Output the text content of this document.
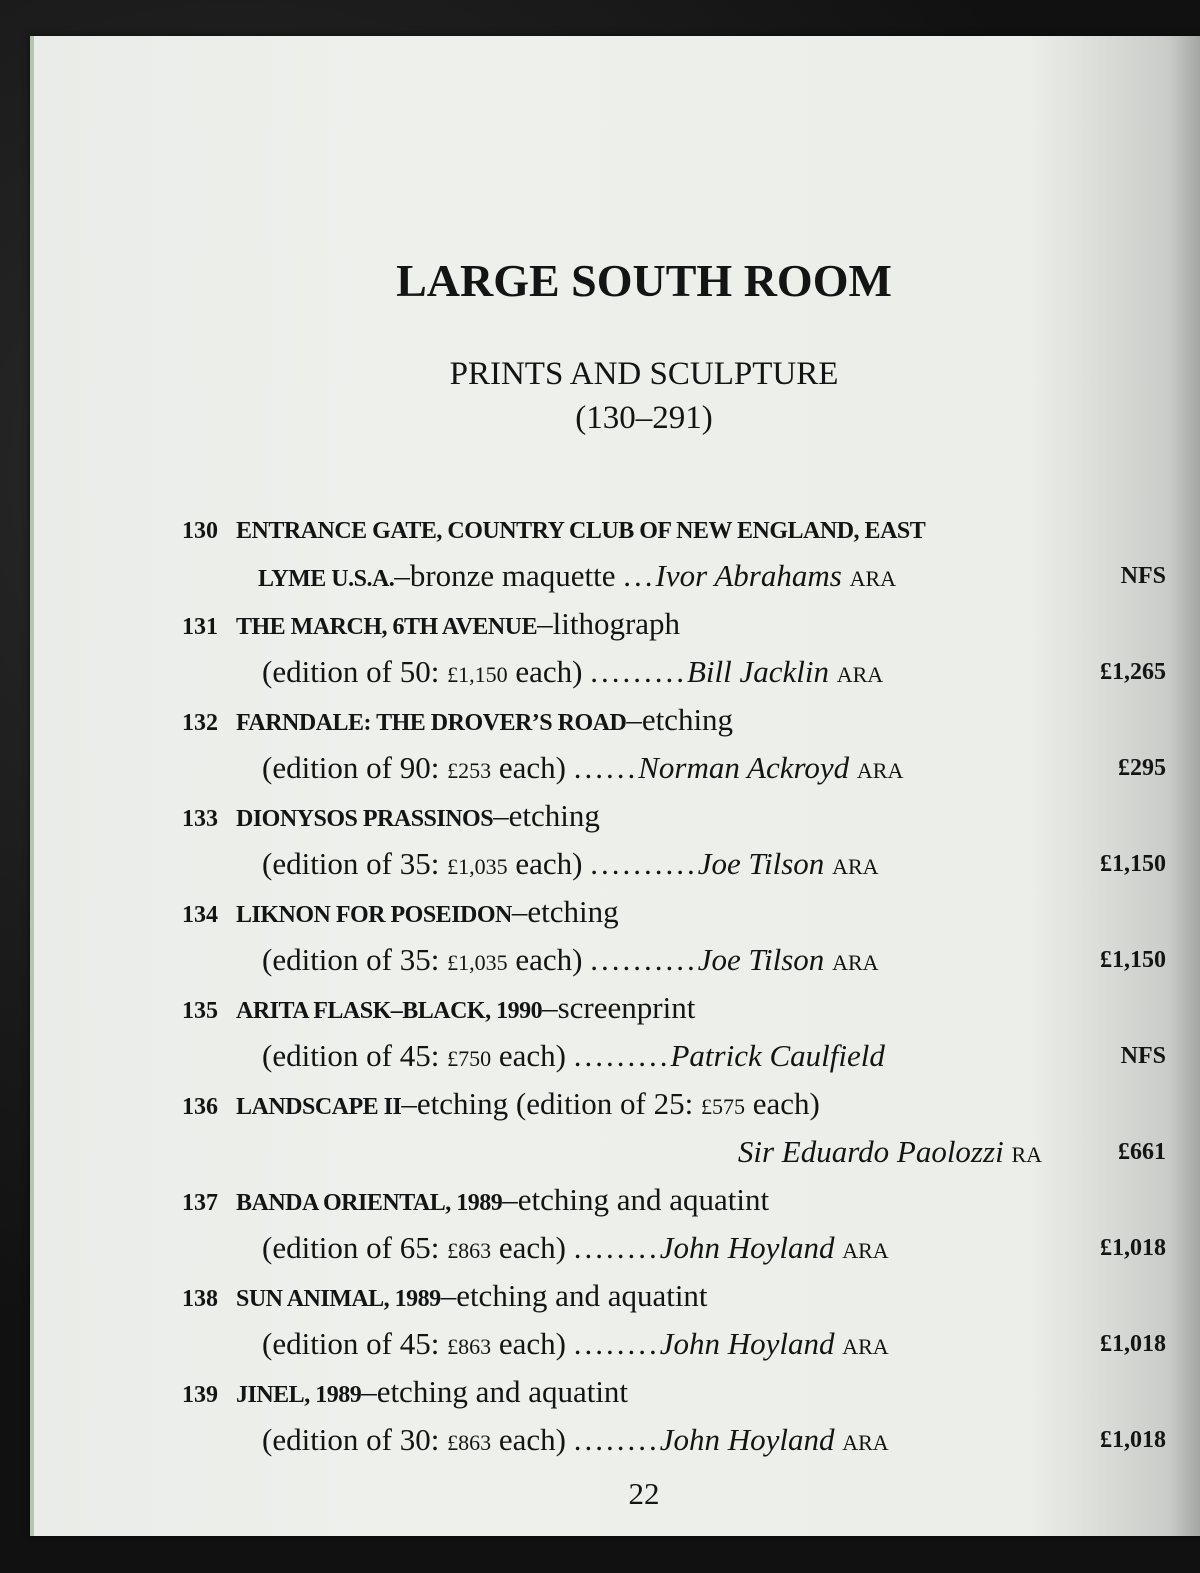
LARGE SOUTH ROOM
PRINTS AND SCULPTURE
(130–291)
130 ENTRANCE GATE, COUNTRY CLUB OF NEW ENGLAND, EAST
LYME U.S.A.–bronze maquette ...Ivor Abrahams ARA	NFS
131 THE MARCH, 6TH AVENUE–lithograph
(edition of 50: £1,150 each) .........Bill Jacklin ARA	£1,265
132 FARNDALE: THE DROVER’S ROAD–etching
(edition of 90: £253 each) ......Norman Ackroyd ARA	£295
133 DIONYSOS PRASSINOS–etching
(edition of 35: £1,035 each) ..........Joe Tilson ARA	£1,150
134 LIKNON FOR POSEIDON–etching
(edition of 35: £1,035 each) ..........Joe Tilson ARA	£1,150
135 ARITA FLASK–BLACK, 1990–screenprint
(edition of 45: £750 each) .........Patrick Caulfield	NFS
136 LANDSCAPE II–etching (edition of 25: £575 each)
Sir Eduardo Paolozzi RA	£661
137 BANDA ORIENTAL, 1989–etching and aquatint
(edition of 65: £863 each) ........John Hoyland ARA	£1,018
138 SUN ANIMAL, 1989–etching and aquatint
(edition of 45: £863 each) ........John Hoyland ARA	£1,018
139 JINEL, 1989–etching and aquatint
(edition of 30: £863 each) ........John Hoyland ARA	£1,018
22
